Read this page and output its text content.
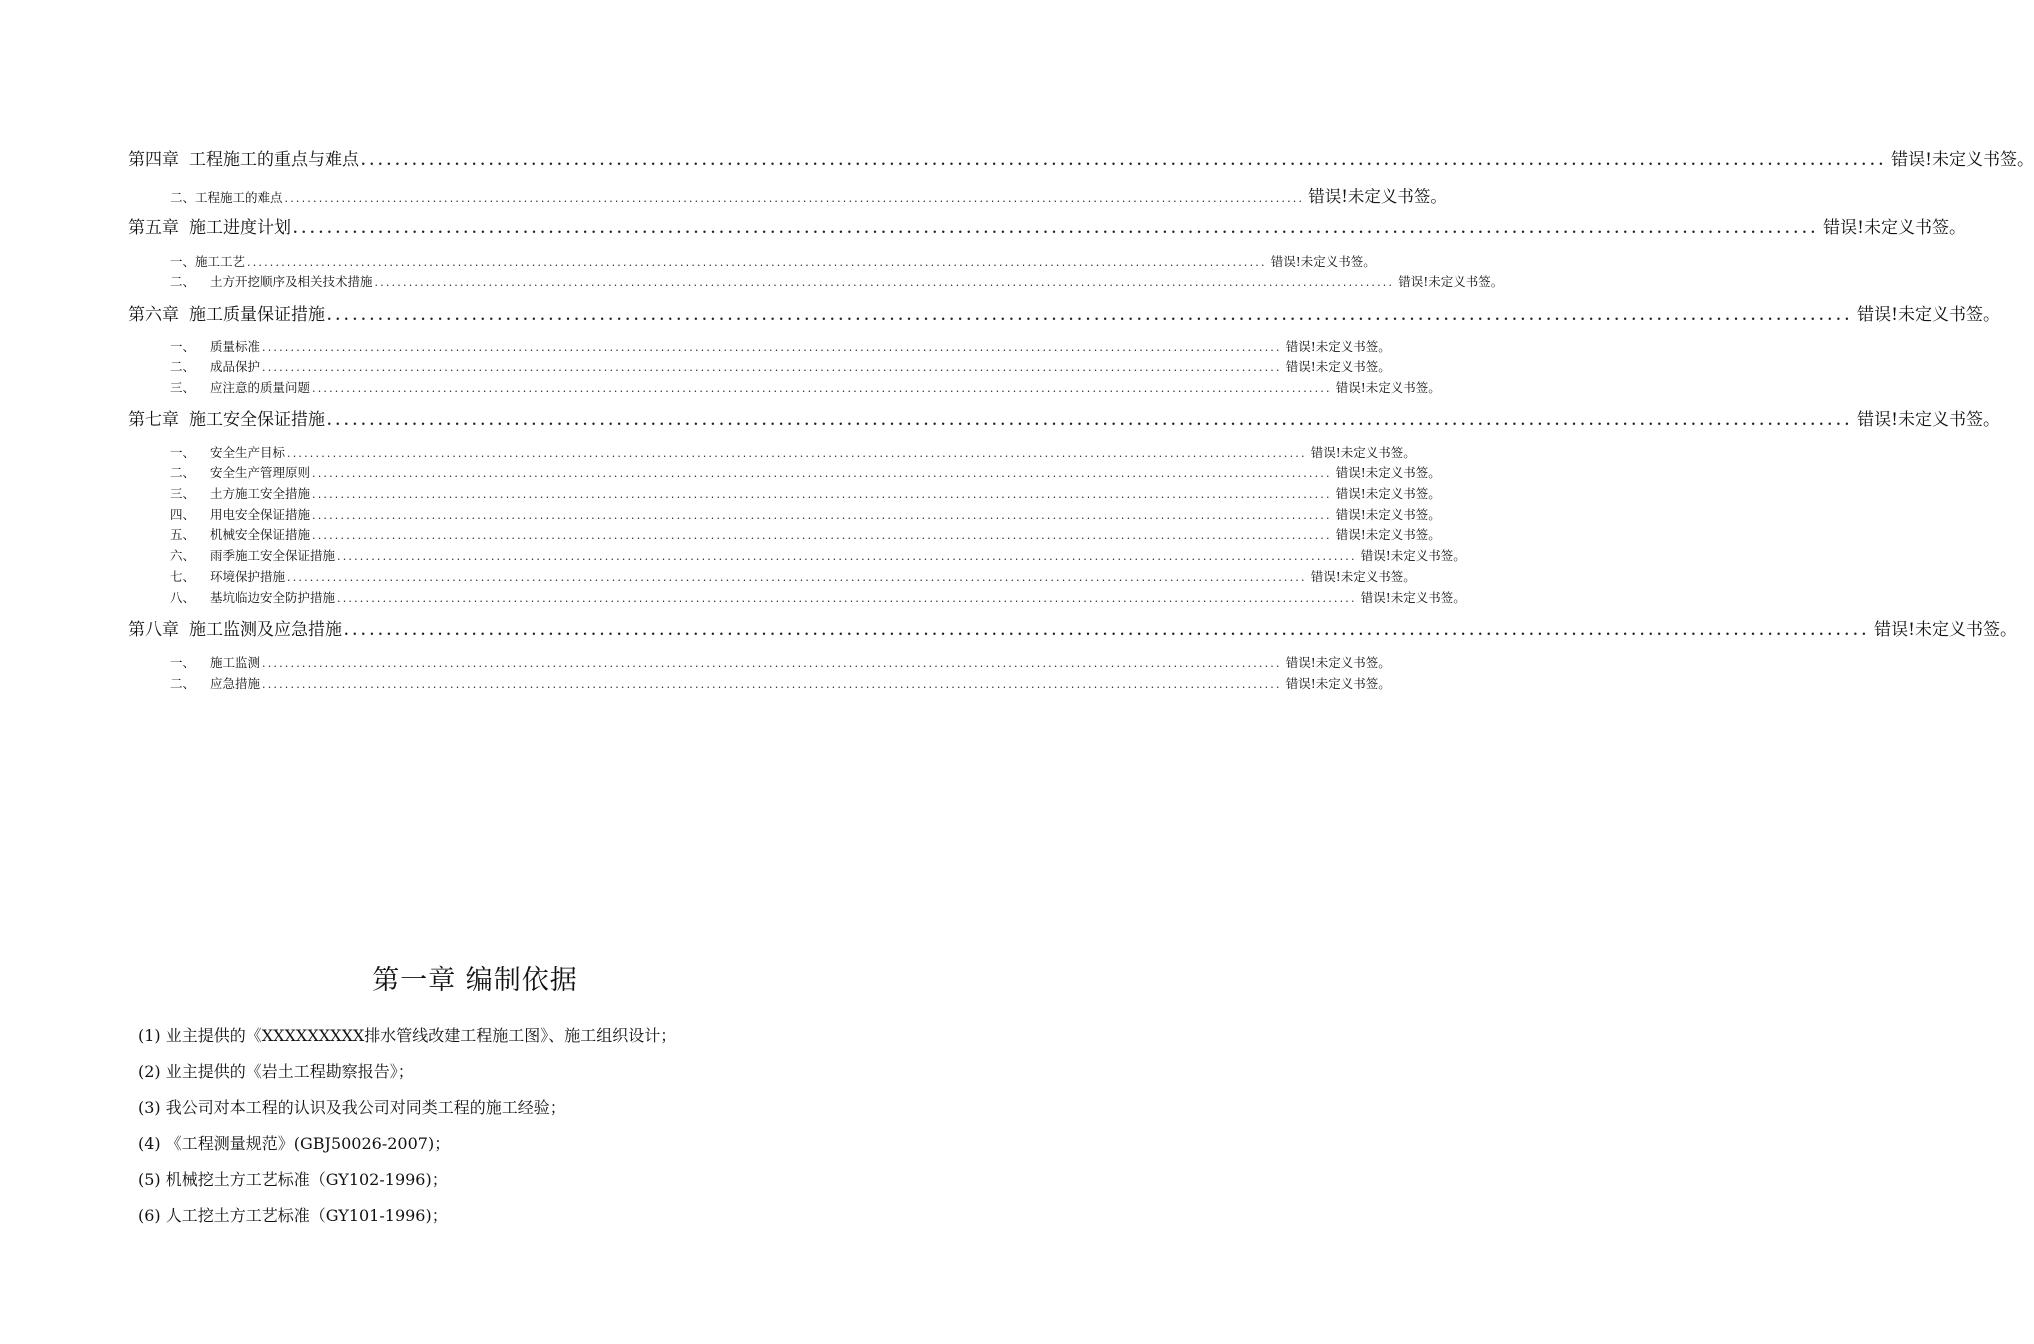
第四章 工程施工的重点与难点 ................................................................................................................................................................................... 错误!未定义书签。
二、工程施工的难点 ................................................................................................................................................................................... 错误!未定义书签。
第五章 施工进度计划 ................................................................................................................................................................................... 错误!未定义书签。
一、施工工艺 ................................................................................................................................................................................... 错误!未定义书签。
二、	土方开挖顺序及相关技术措施 ................................................................................................................................................................................... 错误!未定义书签。
第六章 施工质量保证措施 ................................................................................................................................................................................... 错误!未定义书签。
一、	质量标准 ................................................................................................................................................................................... 错误!未定义书签。
二、	成品保护 ................................................................................................................................................................................... 错误!未定义书签。
三、	应注意的质量问题 ................................................................................................................................................................................... 错误!未定义书签。
第七章 施工安全保证措施 ................................................................................................................................................................................... 错误!未定义书签。
一、	安全生产目标 ................................................................................................................................................................................... 错误!未定义书签。
二、	安全生产管理原则 ................................................................................................................................................................................... 错误!未定义书签。
三、	土方施工安全措施 ................................................................................................................................................................................... 错误!未定义书签。
四、	用电安全保证措施 ................................................................................................................................................................................... 错误!未定义书签。
五、	机械安全保证措施 ................................................................................................................................................................................... 错误!未定义书签。
六、	雨季施工安全保证措施 ................................................................................................................................................................................... 错误!未定义书签。
七、	环境保护措施 ................................................................................................................................................................................... 错误!未定义书签。
八、	基坑临边安全防护措施 ................................................................................................................................................................................... 错误!未定义书签。
第八章 施工监测及应急措施 ................................................................................................................................................................................... 错误!未定义书签。
一、	施工监测 ................................................................................................................................................................................... 错误!未定义书签。
二、	应急措施 ................................................................................................................................................................................... 错误!未定义书签。
第一章 编制依据
(1) 业主提供的《XXXXXXXXX排水管线改建工程施工图》、施工组织设计；
(2) 业主提供的《岩土工程勘察报告》；
(3) 我公司对本工程的认识及我公司对同类工程的施工经验；
(4) 《工程测量规范》(GBJ50026-2007)；
(5) 机械挖土方工艺标准（GY102-1996)；
(6) 人工挖土方工艺标准（GY101-1996)；
